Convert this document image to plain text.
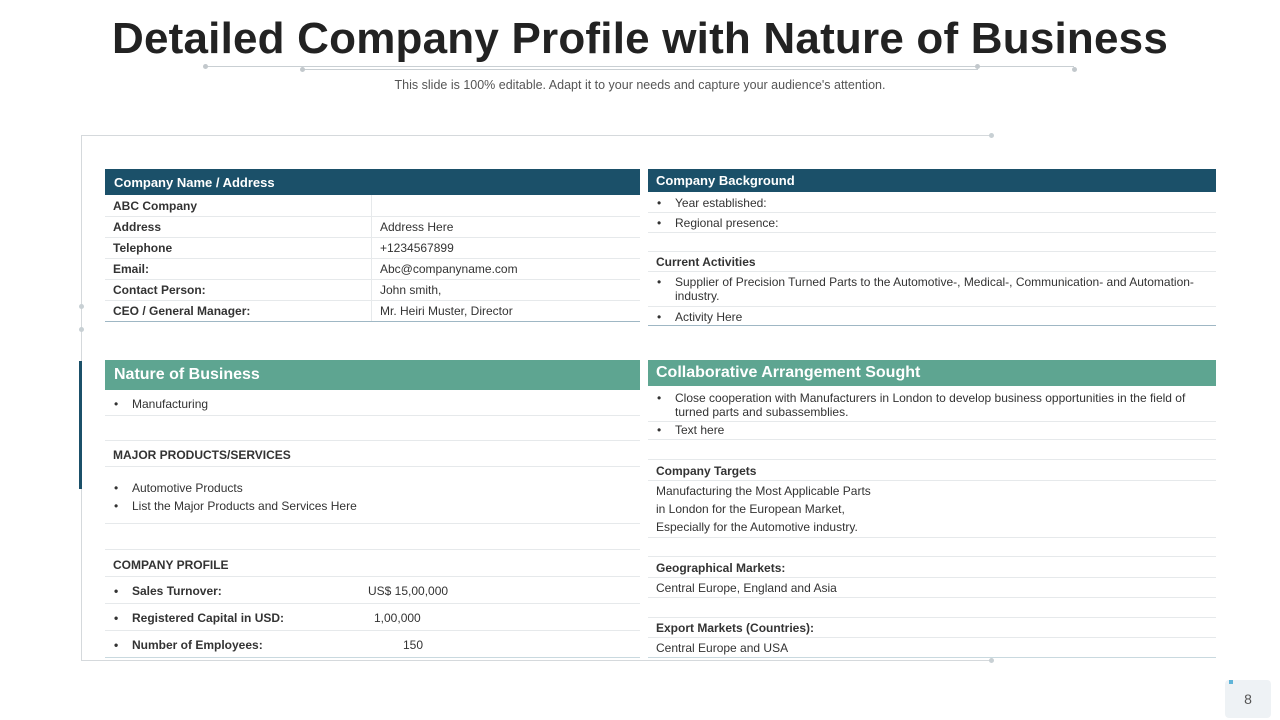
Detailed Company Profile with Nature of Business
This slide is 100% editable. Adapt it to your needs and capture your audience's attention.
Company Name / Address
ABC Company
Address	Address Here
Telephone	+1234567899
Email:	Abc@companyname.com
Contact Person:	John smith,
CEO / General Manager:	Mr. Heiri Muster, Director
Company Background
• Year established:
• Regional presence:
Current Activities
• Supplier of Precision Turned Parts to the Automotive-, Medical-, Communication- and Automation-industry.
• Activity Here
Nature of Business
• Manufacturing
MAJOR PRODUCTS/SERVICES
• Automotive Products
• List the Major Products and Services Here
COMPANY PROFILE
• Sales Turnover:	US$ 15,00,000
• Registered Capital in USD:	1,00,000
• Number of Employees:	150
Collaborative Arrangement Sought
• Close cooperation with Manufacturers in London to develop business opportunities in the field of turned parts and subassemblies.
• Text here
Company Targets
Manufacturing the Most Applicable Parts
in London for the European Market,
Especially for the Automotive industry.
Geographical Markets:
Central Europe, England and Asia
Export Markets (Countries):
Central Europe and USA
8
